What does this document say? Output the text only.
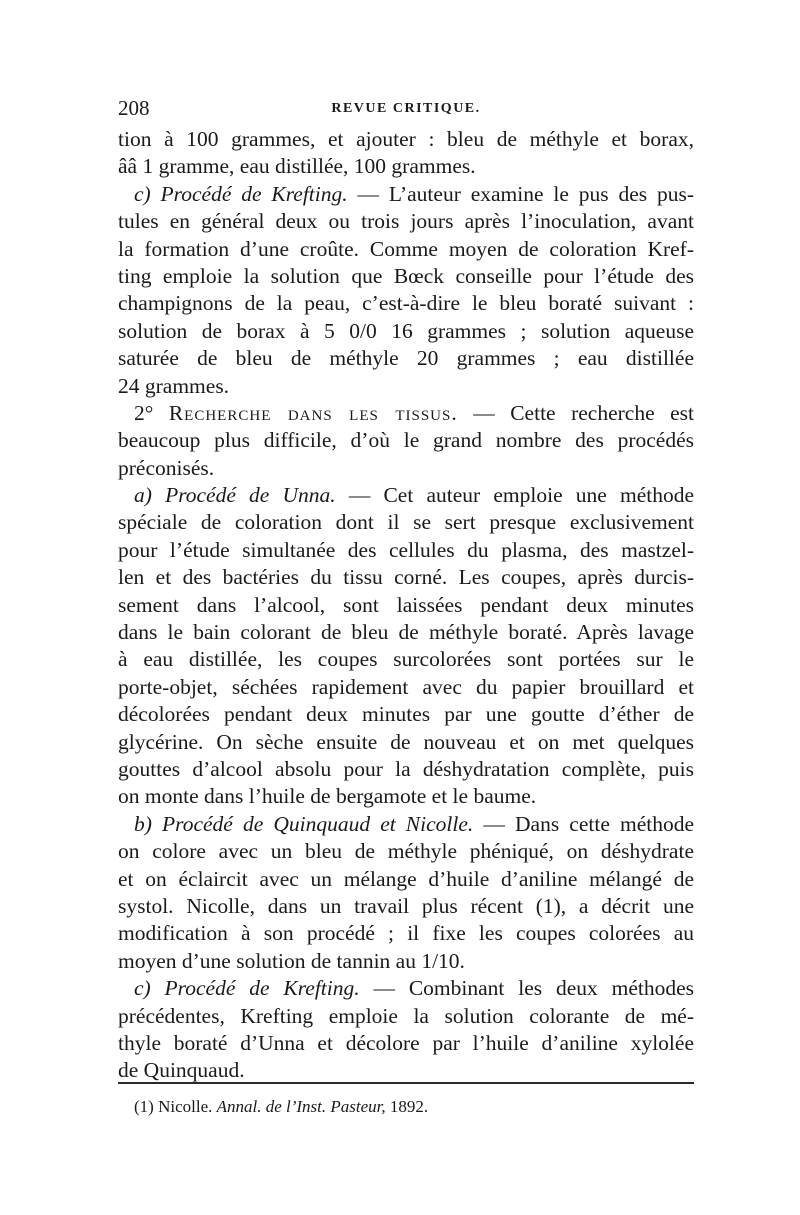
208	REVUE CRITIQUE.
tion à 100 grammes, et ajouter : bleu de méthyle et borax,
ââ 1 gramme, eau distillée, 100 grammes.
c) Procédé de Krefting. — L’auteur examine le pus des pus-
tules en général deux ou trois jours après l’inoculation, avant
la formation d’une croûte. Comme moyen de coloration Kref-
ting emploie la solution que Bœck conseille pour l’étude des
champignons de la peau, c’est-à-dire le bleu boraté suivant :
solution de borax à 5 0/0 16 grammes ; solution aqueuse
saturée de bleu de méthyle 20 grammes ; eau distillée
24 grammes.
2° Recherche dans les tissus. — Cette recherche est
beaucoup plus difficile, d’où le grand nombre des procédés
préconisés.
a) Procédé de Unna. — Cet auteur emploie une méthode
spéciale de coloration dont il se sert presque exclusivement
pour l’étude simultanée des cellules du plasma, des mastzel-
len et des bactéries du tissu corné. Les coupes, après durcis-
sement dans l’alcool, sont laissées pendant deux minutes
dans le bain colorant de bleu de méthyle boraté. Après lavage
à eau distillée, les coupes surcolorées sont portées sur le
porte-objet, séchées rapidement avec du papier brouillard et
décolorées pendant deux minutes par une goutte d’éther de
glycérine. On sèche ensuite de nouveau et on met quelques
gouttes d’alcool absolu pour la déshydratation complète, puis
on monte dans l’huile de bergamote et le baume.
b) Procédé de Quinquaud et Nicolle. — Dans cette méthode
on colore avec un bleu de méthyle phéniqué, on déshydrate
et on éclaircit avec un mélange d’huile d’aniline mélangé de
systol. Nicolle, dans un travail plus récent (1), a décrit une
modification à son procédé ; il fixe les coupes colorées au
moyen d’une solution de tannin au 1/10.
c) Procédé de Krefting. — Combinant les deux méthodes
précédentes, Krefting emploie la solution colorante de mé-
thyle boraté d’Unna et décolore par l’huile d’aniline xylolée
de Quinquaud.
(1) Nicolle. Annal. de l’Inst. Pasteur, 1892.
